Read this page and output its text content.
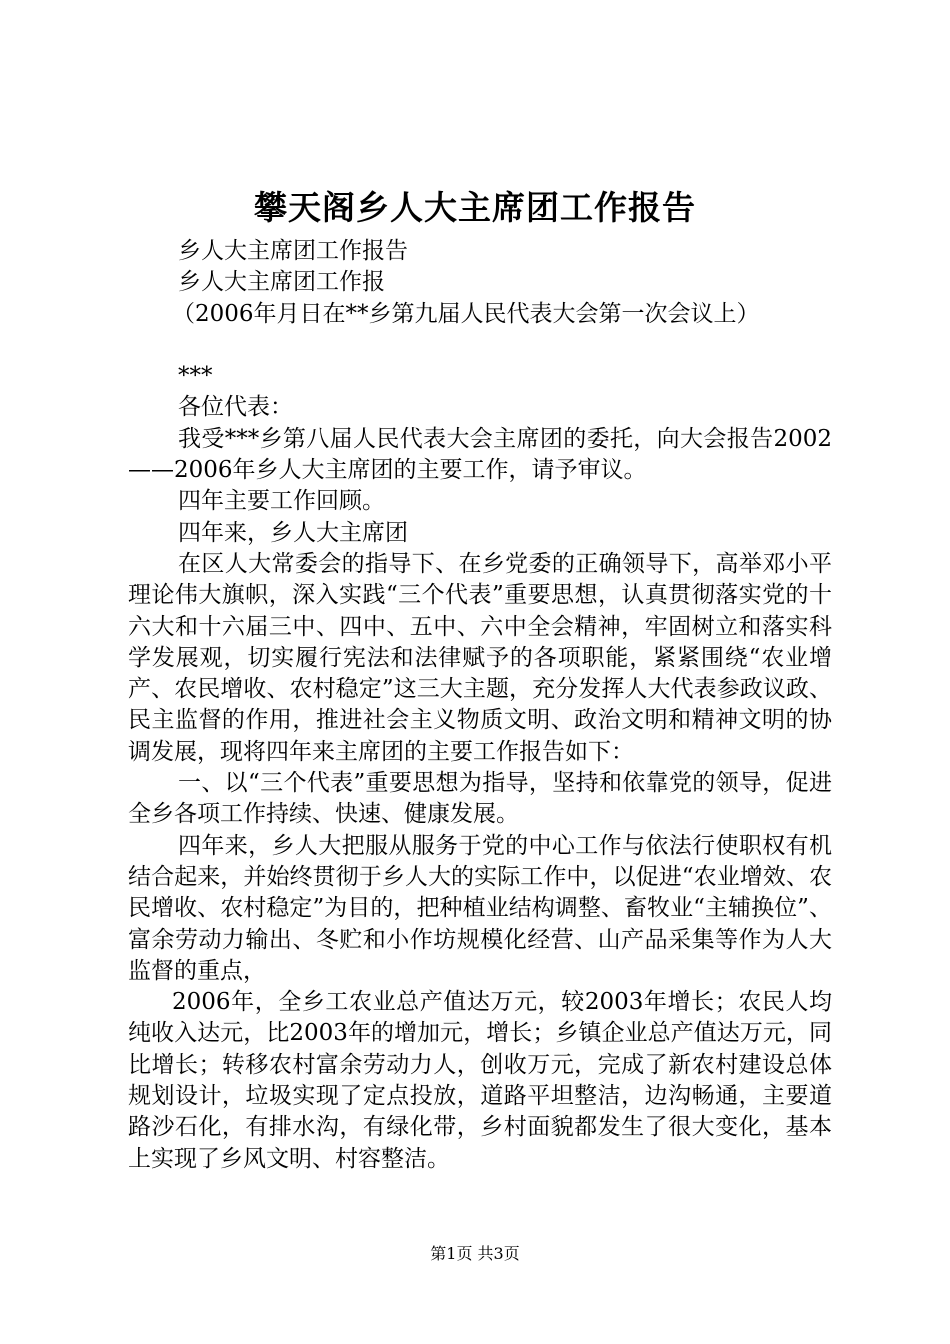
攀天阁乡人大主席团工作报告
乡人大主席团工作报告
乡人大主席团工作报
（2006年月日在**乡第九届人民代表大会第一次会议上）
***
各位代表：

我受***乡第八届人民代表大会主席团的委托，向大会报告2002——2006年乡人大主席团的主要工作，请予审议。

四年主要工作回顾。
四年来，乡人大主席团

在区人大常委会的指导下、在乡党委的正确领导下，高举邓小平理论伟大旗帜，深入实践“三个代表”重要思想，认真贯彻落实党的十六大和十六届三中、四中、五中、六中全会精神，牢固树立和落实科学发展观，切实履行宪法和法律赋予的各项职能，紧紧围绕“农业增产、农民增收、农村稳定”这三大主题，充分发挥人大代表参政议政、民主监督的作用，推进社会主义物质文明、政治文明和精神文明的协调发展，现将四年来主席团的主要工作报告如下：

一、以“三个代表”重要思想为指导，坚持和依靠党的领导，促进全乡各项工作持续、快速、健康发展。

四年来，乡人大把服从服务于党的中心工作与依法行使职权有机结合起来，并始终贯彻于乡人大的实际工作中，以促进“农业增效、农民增收、农村稳定”为目的，把种植业结构调整、畜牧业“主辅换位”、富余劳动力输出、冬贮和小作坊规模化经营、山产品采集等作为人大监督的重点，

2006年，全乡工农业总产值达万元，较2003年增长；农民人均纯收入达元，比2003年的增加元，增长；乡镇企业总产值达万元，同比增长；转移农村富余劳动力人，创收万元，完成了新农村建设总体规划设计，垃圾实现了定点投放，道路平坦整洁，边沟畅通，主要道路沙石化，有排水沟，有绿化带，乡村面貌都发生了很大变化，基本上实现了乡风文明、村容整洁。

第1页 共3页
